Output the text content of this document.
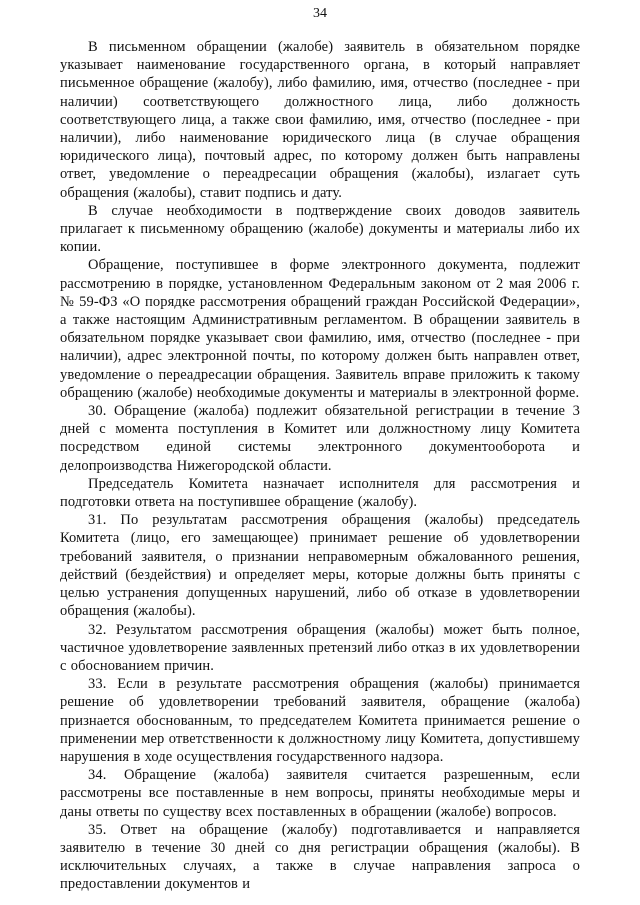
34

В письменном обращении (жалобе) заявитель в обязательном порядке указывает наименование государственного органа, в который направляет письменное обращение (жалобу), либо фамилию, имя, отчество (последнее - при наличии) соответствующего должностного лица, либо должность соответствующего лица, а также свои фамилию, имя, отчество (последнее - при наличии), либо наименование юридического лица (в случае обращения юридического лица), почтовый адрес, по которому должен быть направлены ответ, уведомление о переадресации обращения (жалобы), излагает суть обращения (жалобы), ставит подпись и дату.

В случае необходимости в подтверждение своих доводов заявитель прилагает к письменному обращению (жалобе) документы и материалы либо их копии.

Обращение, поступившее в форме электронного документа, подлежит рассмотрению в порядке, установленном Федеральным законом от 2 мая 2006 г. № 59-ФЗ «О порядке рассмотрения обращений граждан Российской Федерации», а также настоящим Административным регламентом. В обращении заявитель в обязательном порядке указывает свои фамилию, имя, отчество (последнее - при наличии), адрес электронной почты, по которому должен быть направлен ответ, уведомление о переадресации обращения. Заявитель вправе приложить к такому обращению (жалобе) необходимые документы и материалы в электронной форме.

30. Обращение (жалоба) подлежит обязательной регистрации в течение 3 дней с момента поступления в Комитет или должностному лицу Комитета посредством единой системы электронного документооборота и делопроизводства Нижегородской области.

Председатель Комитета назначает исполнителя для рассмотрения и подготовки ответа на поступившее обращение (жалобу).

31. По результатам рассмотрения обращения (жалобы) председатель Комитета (лицо, его замещающее) принимает решение об удовлетворении требований заявителя, о признании неправомерным обжалованного решения, действий (бездействия) и определяет меры, которые должны быть приняты с целью устранения допущенных нарушений, либо об отказе в удовлетворении обращения (жалобы).

32. Результатом рассмотрения обращения (жалобы) может быть полное, частичное удовлетворение заявленных претензий либо отказ в их удовлетворении с обоснованием причин.

33. Если в результате рассмотрения обращения (жалобы) принимается решение об удовлетворении требований заявителя, обращение (жалоба) признается обоснованным, то председателем Комитета принимается решение о применении мер ответственности к должностному лицу Комитета, допустившему нарушения в ходе осуществления государственного надзора.

34. Обращение (жалоба) заявителя считается разрешенным, если рассмотрены все поставленные в нем вопросы, приняты необходимые меры и даны ответы по существу всех поставленных в обращении (жалобе) вопросов.

35. Ответ на обращение (жалобу) подготавливается и направляется заявителю в течение 30 дней со дня регистрации обращения (жалобы). В исключительных случаях, а также в случае направления запроса о предоставлении документов и
